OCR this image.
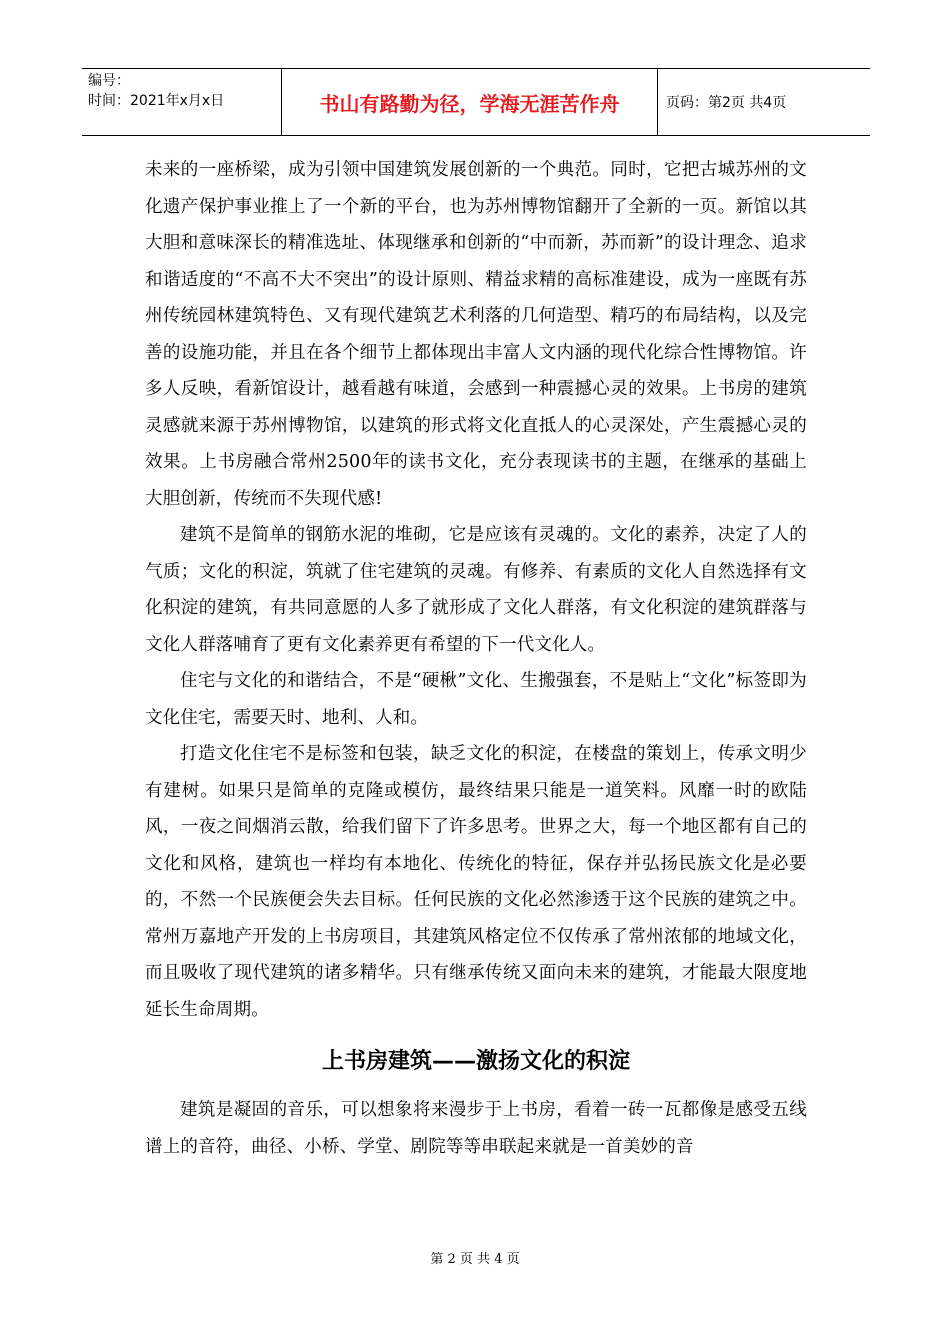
编号：
时间：2021年x月x日	书山有路勤为径，学海无涯苦作舟	页码：第2页 共4页

未来的一座桥梁，成为引领中国建筑发展创新的一个典范。同时，它把古城苏州的文化遗产保护事业推上了一个新的平台，也为苏州博物馆翻开了全新的一页。新馆以其大胆和意味深长的精准选址、体现继承和创新的“中而新，苏而新”的设计理念、追求和谐适度的“不高不大不突出”的设计原则、精益求精的高标准建设，成为一座既有苏州传统园林建筑特色、又有现代建筑艺术利落的几何造型、精巧的布局结构，以及完善的设施功能，并且在各个细节上都体现出丰富人文内涵的现代化综合性博物馆。许多人反映，看新馆设计，越看越有味道，会感到一种震撼心灵的效果。上书房的建筑灵感就来源于苏州博物馆，以建筑的形式将文化直抵人的心灵深处，产生震撼心灵的效果。上书房融合常州2500年的读书文化，充分表现读书的主题，在继承的基础上大胆创新，传统而不失现代感!

建筑不是简单的钢筋水泥的堆砌，它是应该有灵魂的。文化的素养，决定了人的气质；文化的积淀，筑就了住宅建筑的灵魂。有修养、有素质的文化人自然选择有文化积淀的建筑，有共同意愿的人多了就形成了文化人群落，有文化积淀的建筑群落与文化人群落哺育了更有文化素养更有希望的下一代文化人。

住宅与文化的和谐结合，不是“硬楸”文化、生搬强套，不是贴上“文化”标签即为文化住宅，需要天时、地利、人和。

打造文化住宅不是标签和包装，缺乏文化的积淀，在楼盘的策划上，传承文明少有建树。如果只是简单的克隆或模仿，最终结果只能是一道笑料。风靡一时的欧陆风，一夜之间烟消云散，给我们留下了许多思考。世界之大，每一个地区都有自己的文化和风格，建筑也一样均有本地化、传统化的特征，保存并弘扬民族文化是必要的，不然一个民族便会失去目标。任何民族的文化必然渗透于这个民族的建筑之中。常州万嘉地产开发的上书房项目，其建筑风格定位不仅传承了常州浓郁的地域文化，而且吸收了现代建筑的诸多精华。只有继承传统又面向未来的建筑，才能最大限度地延长生命周期。

上书房建筑——激扬文化的积淀

建筑是凝固的音乐，可以想象将来漫步于上书房，看着一砖一瓦都像是感受五线谱上的音符，曲径、小桥、学堂、剧院等等串联起来就是一首美妙的音

第 2 页 共 4 页
